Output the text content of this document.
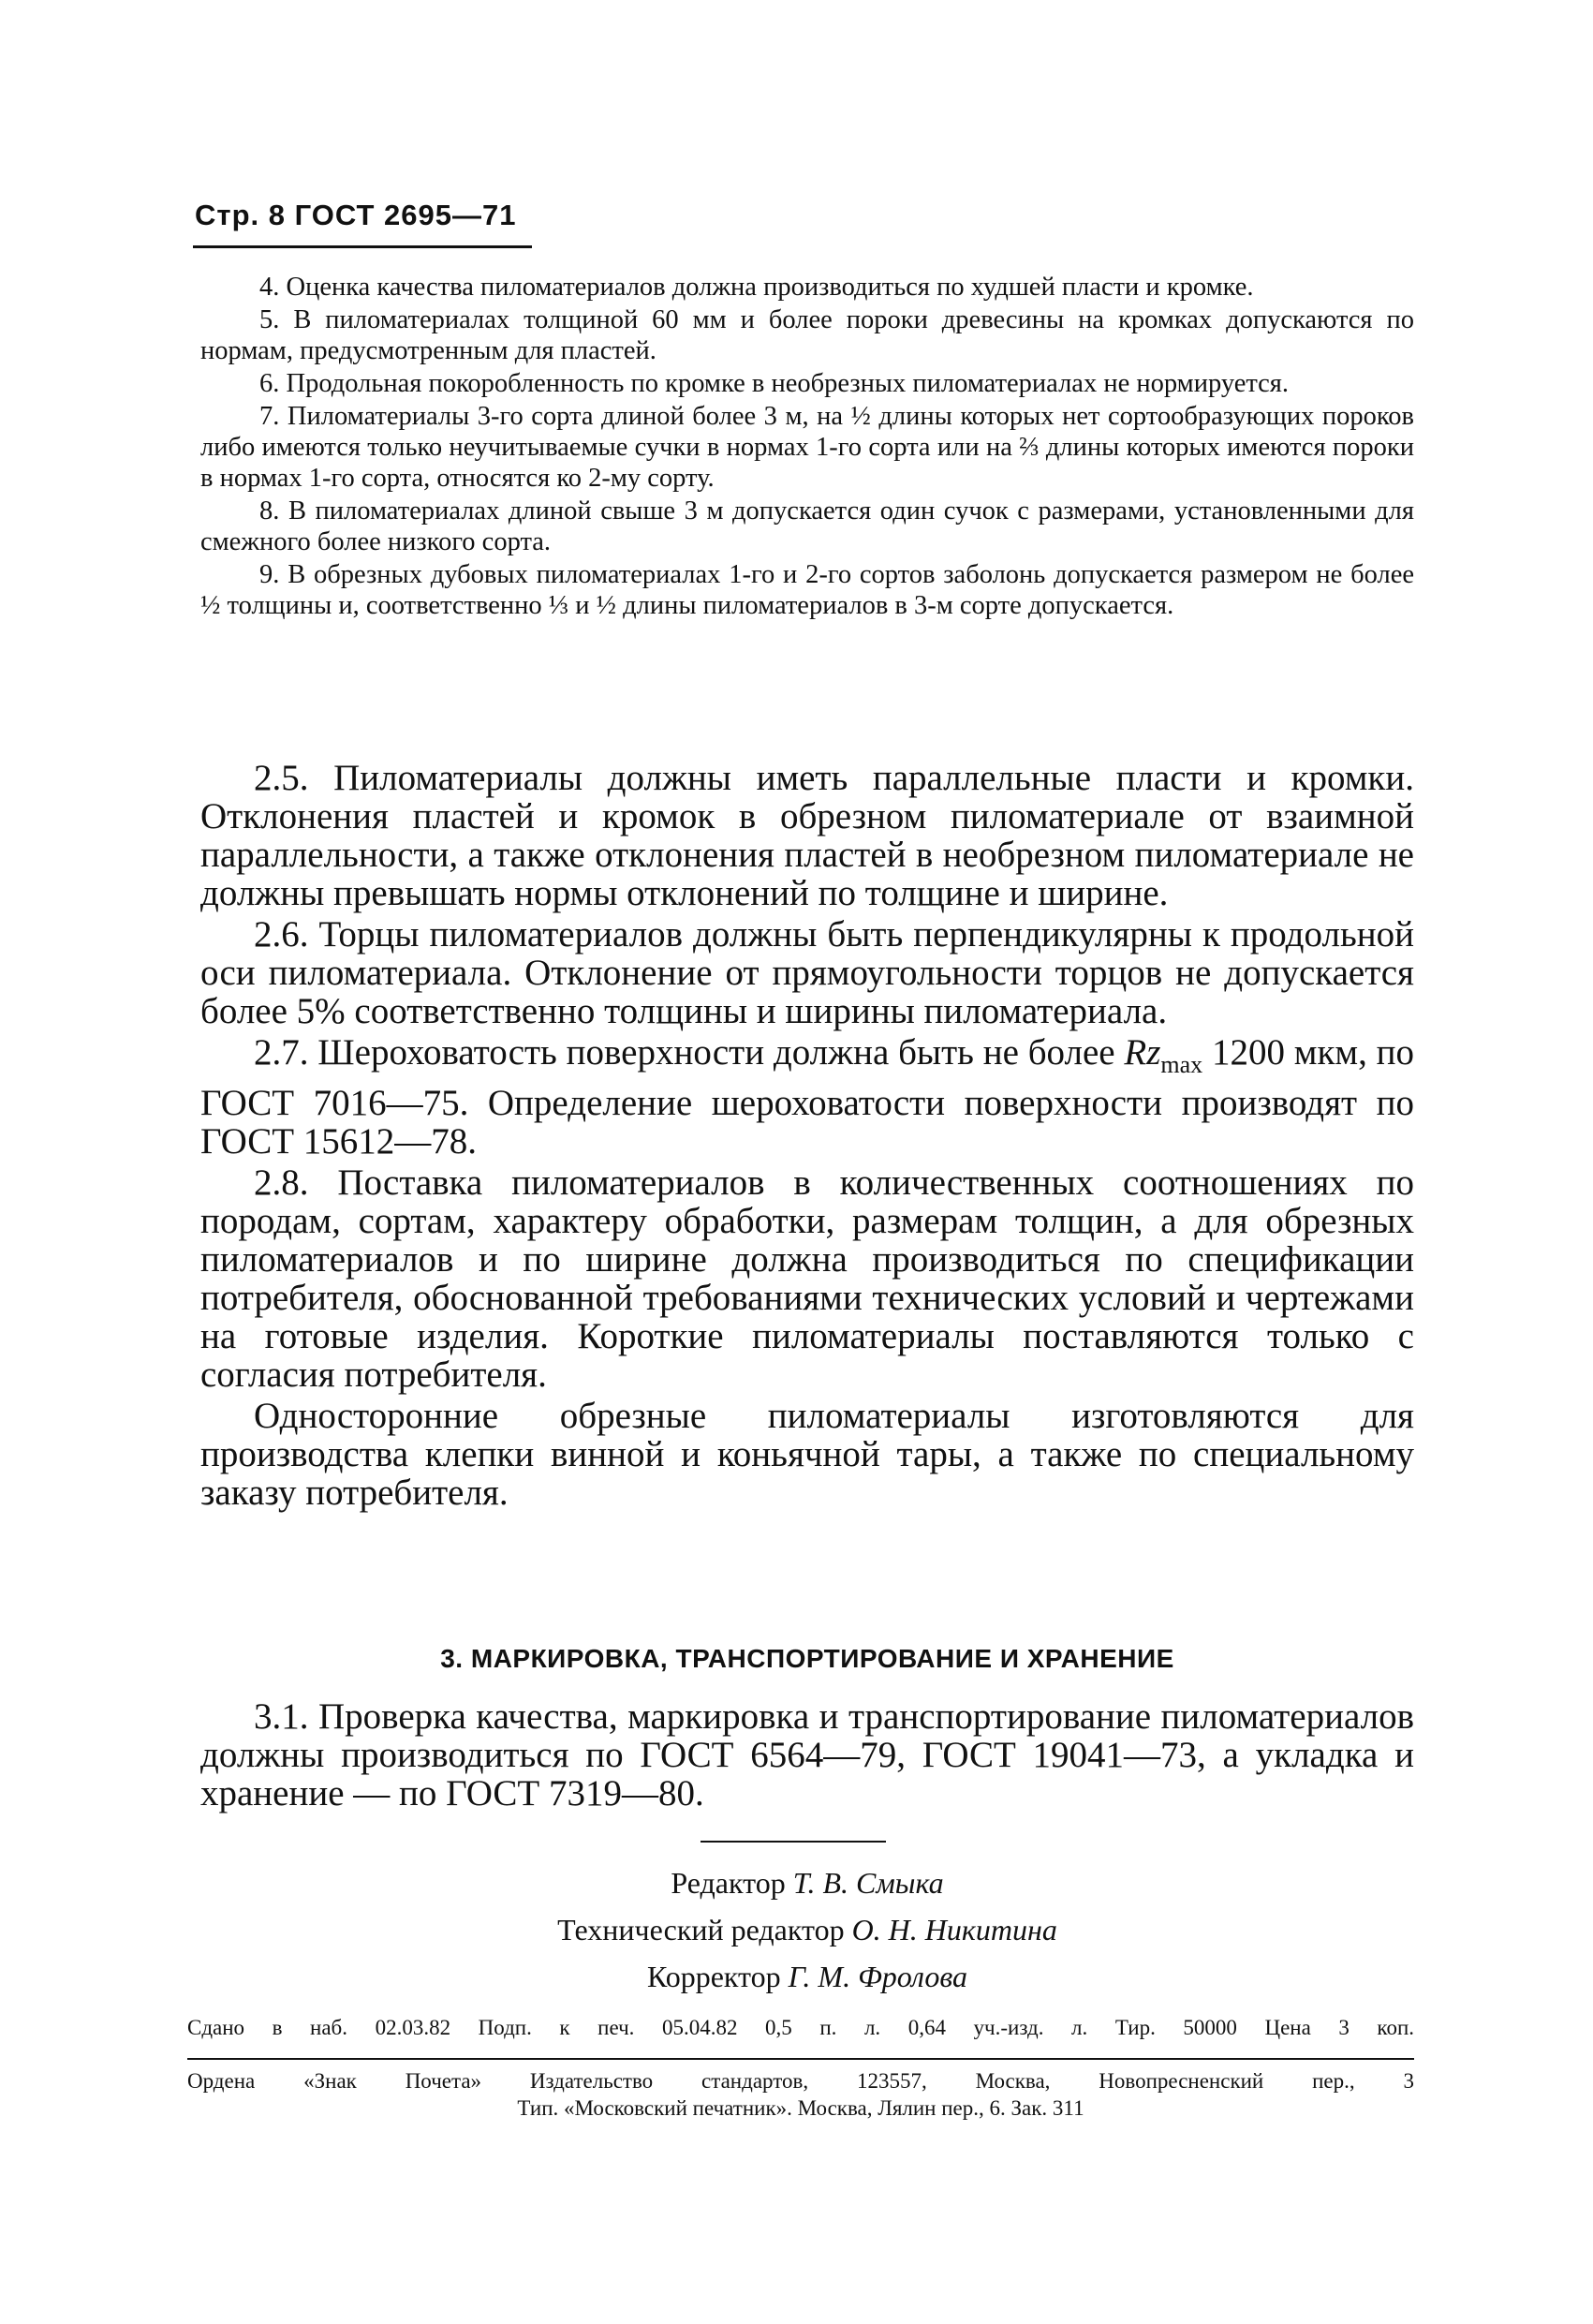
Стр. 8 ГОСТ 2695—71

4. Оценка качества пиломатериалов должна производиться по худшей пласти и кромке.

5. В пиломатериалах толщиной 60 мм и более пороки древесины на кромках допускаются по нормам, предусмотренным для пластей.

6. Продольная покоробленность по кромке в необрезных пиломатериалах не нормируется.

7. Пиломатериалы 3-го сорта длиной более 3 м, на ½ длины которых нет сортообразующих пороков либо имеются только неучитываемые сучки в нормах 1-го сорта или на ⅔ длины которых имеются пороки в нормах 1-го сорта, относятся ко 2-му сорту.

8. В пиломатериалах длиной свыше 3 м допускается один сучок с размерами, установленными для смежного более низкого сорта.

9. В обрезных дубовых пиломатериалах 1-го и 2-го сортов заболонь допускается размером не более ½ толщины и, соответственно ⅓ и ½ длины пиломатериалов в 3-м сорте допускается.

2.5. Пиломатериалы должны иметь параллельные пласти и кромки. Отклонения пластей и кромок в обрезном пиломатериале от взаимной параллельности, а также отклонения пластей в необрезном пиломатериале не должны превышать нормы отклонений по толщине и ширине.

2.6. Торцы пиломатериалов должны быть перпендикулярны к продольной оси пиломатериала. Отклонение от прямоугольности торцов не допускается более 5% соответственно толщины и ширины пиломатериала.

2.7. Шероховатость поверхности должна быть не более $Rz_{max}$ 1200 мкм, по ГОСТ 7016—75. Определение шероховатости поверхности производят по ГОСТ 15612—78.

2.8. Поставка пиломатериалов в количественных соотношениях по породам, сортам, характеру обработки, размерам толщин, а для обрезных пиломатериалов и по ширине должна производиться по спецификации потребителя, обоснованной требованиями технических условий и чертежами на готовые изделия. Короткие пиломатериалы поставляются только с согласия потребителя.

Односторонние обрезные пиломатериалы изготовляются для производства клепки винной и коньячной тары, а также по специальному заказу потребителя.

3. МАРКИРОВКА, ТРАНСПОРТИРОВАНИЕ И ХРАНЕНИЕ

3.1. Проверка качества, маркировка и транспортирование пиломатериалов должны производиться по ГОСТ 6564—79, ГОСТ 19041—73, а укладка и хранение — по ГОСТ 7319—80.

Редактор Т. В. Смыка
Технический редактор О. Н. Никитина
Корректор Г. М. Фролова
Сдано в наб. 02.03.82 Подп. к печ. 05.04.82 0,5 п. л. 0,64 уч.-изд. л. Тир. 50000 Цена 3 коп.
Ордена «Знак Почета» Издательство стандартов, 123557, Москва, Новопресненский пер., 3
Тип. «Московский печатник». Москва, Лялин пер., 6. Зак. 311
